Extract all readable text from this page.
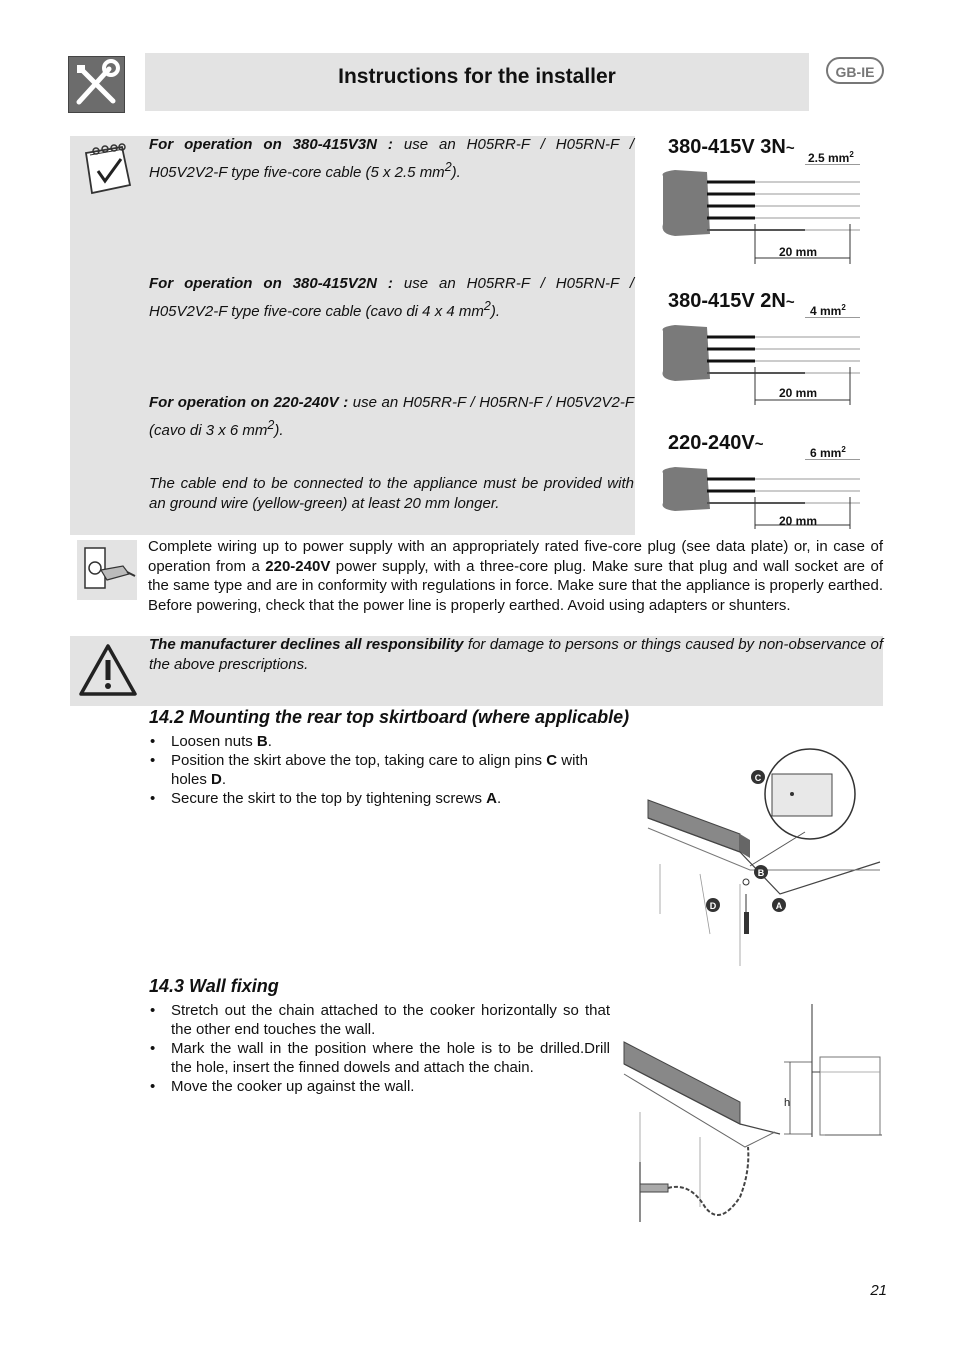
Instructions for the installer	GB-IE
For operation on 380-415V3N : use an H05RR-F / H05RN-F / H05V2V2-F type five-core cable (5 x 2.5 $mm^2$).
For operation on 380-415V2N : use an H05RR-F / H05RN-F / H05V2V2-F type five-core cable (cavo di 4 x 4 $mm^2$).
For operation on 220-240V : use an H05RR-F / H05RN-F / H05V2V2-F (cavo di 3 x 6 $mm^2$).
The cable end to be connected to the appliance must be provided with an ground wire (yellow-green) at least 20 mm longer.
380-415V 3N~
2.5 $mm^2$
20 mm
380-415V 2N~ 4 $mm^2$
20 mm
220-240V~	6 $mm^2$
20 mm
Complete wiring up to power supply with an appropriately rated five-core plug (see data plate) or, in case of operation from a 220-240V power supply, with a three-core plug. Make sure that plug and wall socket are of the same type and are in conformity with regulations in force. Make sure that the appliance is properly earthed. Before powering, check that the power line is properly earthed. Avoid using adapters or shunters.
The manufacturer declines all responsibility for damage to persons or things caused by non-observance of the above prescriptions.
14.2 Mounting the rear top skirtboard (where applicable)
• Loosen nuts B.
• Position the skirt above the top, taking care to align pins C with holes D.
• Secure the skirt to the top by tightening screws A.
C
B
D	A
14.3 Wall fixing
• Stretch out the chain attached to the cooker horizontally so that the other end touches the wall.
• Mark the wall in the position where the hole is to be drilled.Drill the hole, insert the finned dowels and attach the chain.
• Move the cooker up against the wall.
h
21
